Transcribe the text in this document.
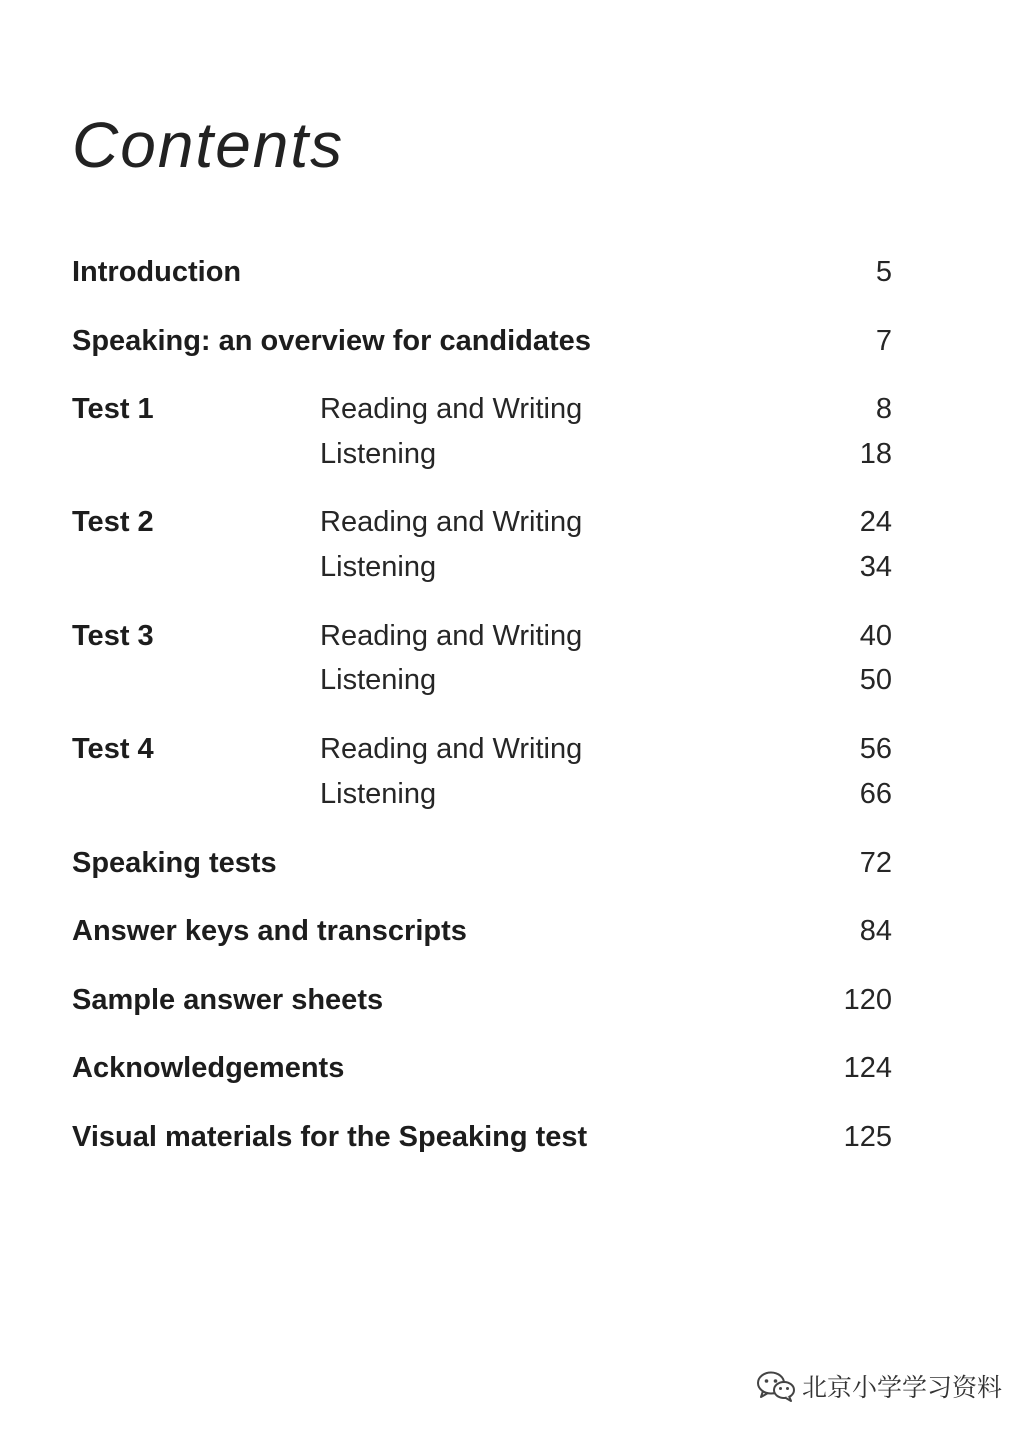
Contents
Introduction	5
Speaking: an overview for candidates	7
Test 1	Reading and Writing	8
Listening	18
Test 2	Reading and Writing	24
Listening	34
Test 3	Reading and Writing	40
Listening	50
Test 4	Reading and Writing	56
Listening	66
Speaking tests	72
Answer keys and transcripts	84
Sample answer sheets	120
Acknowledgements	124
Visual materials for the Speaking test	125
北京小学学习资料
